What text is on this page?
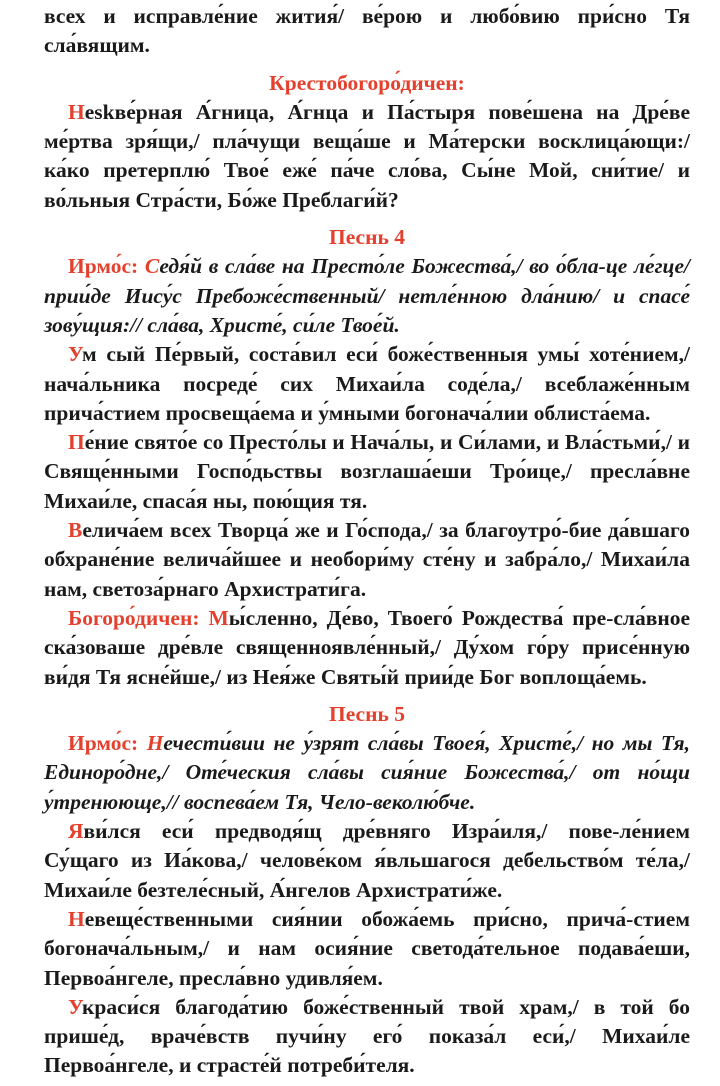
всех и исправле́ние жития́/ ве́рою и любо́вию при́сно Тя сла́вящим.

Крестобогоро́дичен:

Неskве́рная А́гница, А́гнца и Па́стыря пове́шена на Дре́ве ме́ртва зря́щи,/ пла́чущи веща́ше и Ма́терски восклица́ющи:/ ка́ко претерплю́ Твое́ еже́ па́че сло́ва, Сы́не Мой, сни́тие/ и во́льныя Стра́сти, Бо́же Преблаги́й?

Песнь 4

Ирмо́с: Седя́й в сла́ве на Престо́ле Божества́,/ во о́бла-це ле́гце/ прии́де Иису́с Пребоже́ственный/ нетле́нною дла́нию/ и спасе́ зову́щия:// сла́ва, Христе́, си́ле Твое́й.

Ум сый Пе́рвый, соста́вил еси́ боже́ственныя умы́ хоте́нием,/ нача́льника посреде́ сих Михаи́ла соде́ла,/ всеблаже́нным прича́стием просвеща́ема и у́мными богонача́лии облиста́ема.

Пе́ние свято́е со Престо́лы и Нача́лы, и Си́лами, и Вла́стьми́,/ и Свяще́нными Госпо́дьствы возглаша́еши Тро́ице,/ пресла́вне Михаи́ле, спаса́я ны, пою́щия тя.

Велича́ем всех Творца́ же и Го́спода,/ за благоутро́-бие да́вшаго обхране́ние велича́йшее и необори́му сте́ну и забра́ло,/ Михаи́ла нам, светоза́рнаго Архистрати́га.

Богоро́дичен: Мы́сленно, Де́во, Твоего́ Рождества́ пре-сла́вное ска́зоваше дре́вле священноявле́нный,/ Ду́хом го́ру присе́нную ви́дя Тя ясне́йше,/ из Нея́же Святы́й прии́де Бог воплоща́емь.

Песнь 5

Ирмо́с: Нечести́вии не у́зрят сла́вы Твоея́, Христе́,/ но мы Тя, Единоро́дне,/ Оте́ческия сла́вы сия́ние Божества́,/ от но́щи у́тренююще,// воспева́ем Тя, Чело-веколю́бче.

Яви́лся еси́ предводя́щ дре́вняго Изра́иля,/ пове-ле́нием Су́щаго из Иа́кова,/ челове́ком я́вльшагося дебельство́м те́ла,/ Михаи́ле безтеле́сный, А́нгелов Архистрати́же.

Невеще́ственными сия́нии обожа́емь при́сно, прича́-стием богонача́льным,/ и нам осия́ние светода́тельное подава́еши, Первоа́нгеле, пресла́вно удивля́ем.

Украси́ся благода́тию боже́ственный твой храм,/ в той бо прише́д, враче́вств пучи́ну его́ показа́л еси́,/ Михаи́ле Первоа́нгеле, и страсте́й потреби́теля.
